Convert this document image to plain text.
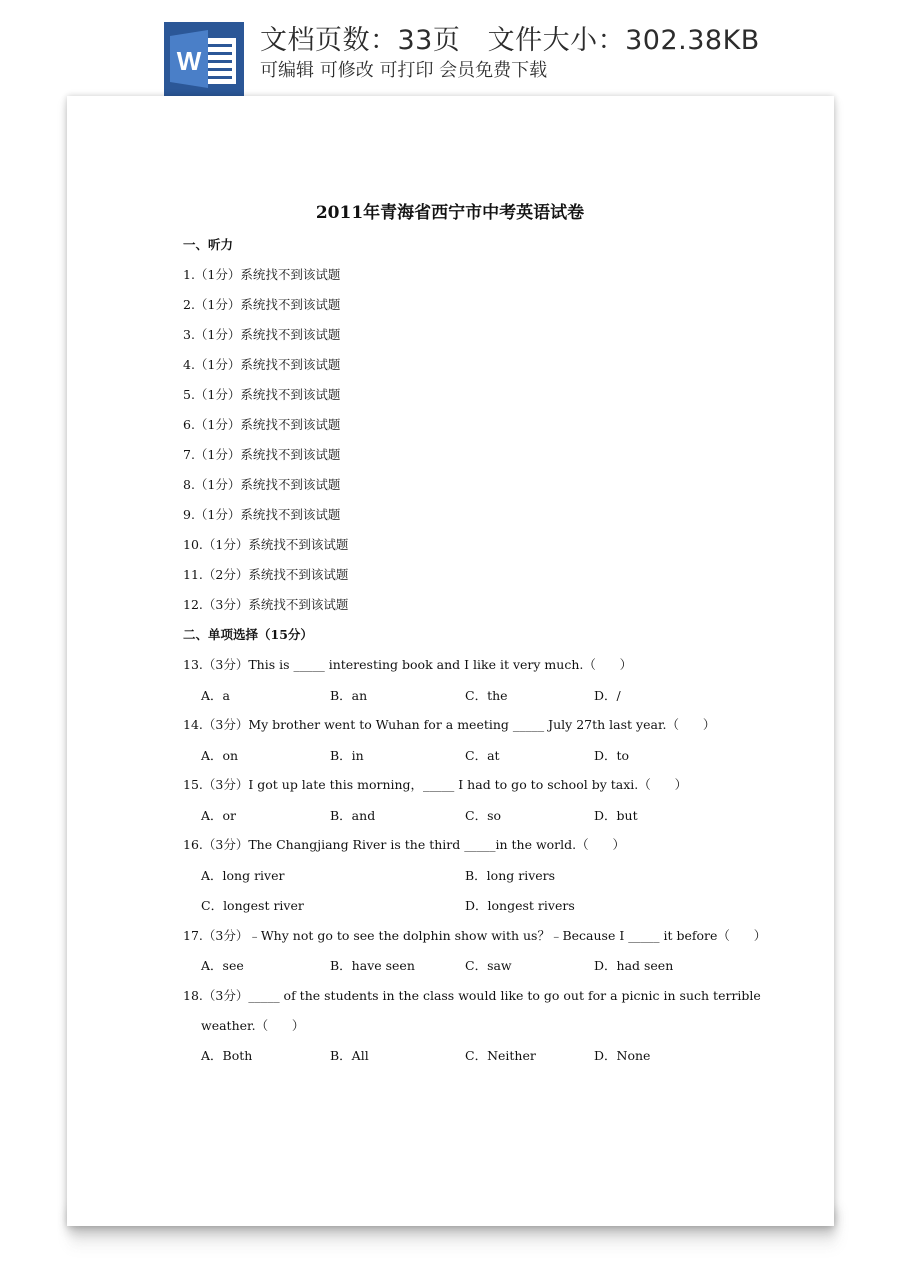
W
文档页数：33页   文件大小：302.38KB
可编辑 可修改 可打印 会员免费下载
2011年青海省西宁市中考英语试卷
一、听力
1.（1分）系统找不到该试题
2.（1分）系统找不到该试题
3.（1分）系统找不到该试题
4.（1分）系统找不到该试题
5.（1分）系统找不到该试题
6.（1分）系统找不到该试题
7.（1分）系统找不到该试题
8.（1分）系统找不到该试题
9.（1分）系统找不到该试题
10.（1分）系统找不到该试题
11.（2分）系统找不到该试题
12.（3分）系统找不到该试题
二、单项选择（15分）
13.（3分）This is _____ interesting book and I like it very much.（      ）
A．a	B．an	C．the	D．/
14.（3分）My brother went to Wuhan for a meeting _____ July 27th last year.（      ）
A．on	B．in	C．at	D．to
15.（3分）I got up late this morning，_____ I had to go to school by taxi.（      ）
A．or	B．and	C．so	D．but
16.（3分）The Changjiang River is the third _____in the world.（      ）
A．long river	B．long rivers
C．longest river	D．longest rivers
17.（3分）﹣Why not go to see the dolphin show with us？﹣Because I _____ it before（      ）
A．see	B．have seen	C．saw	D．had seen
18.（3分）_____ of the students in the class would like to go out for a picnic in such terrible
weather.（      ）
A．Both	B．All	C．Neither	D．None
